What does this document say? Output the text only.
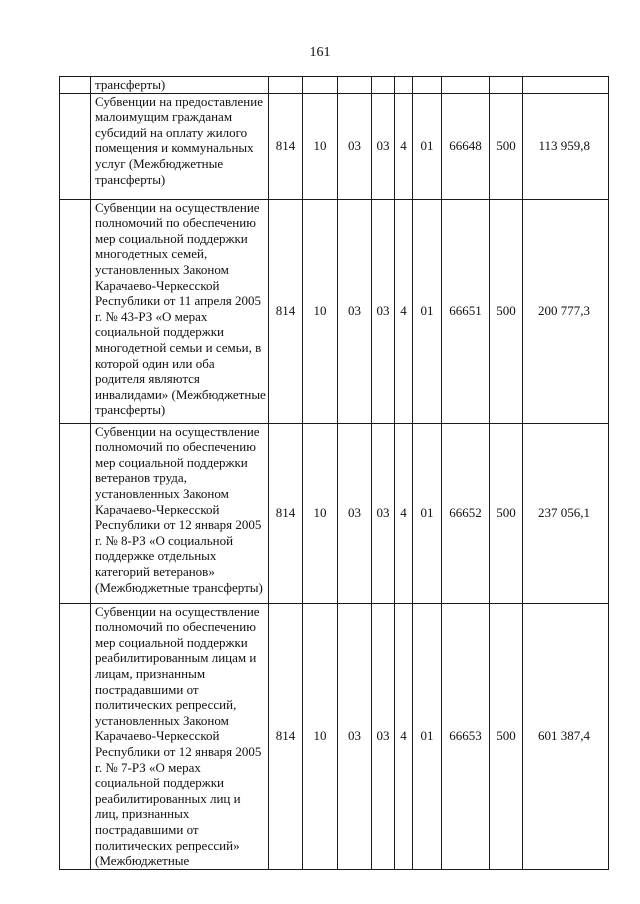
161
	трансферты)									
	Субвенции на предоставление малоимущим гражданам субсидий на оплату жилого помещения и коммунальных услуг (Межбюджетные трансферты)	814	10	03	03	4	01	66648	500	113 959,8
	Субвенции на осуществление полномочий по обеспечению мер социальной поддержки многодетных семей, установленных Законом Карачаево-Черкесской Республики от 11 апреля 2005 г. № 43-РЗ «О мерах социальной поддержки многодетной семьи и семьи, в которой один или оба родителя являются инвалидами» (Межбюджетные трансферты)	814	10	03	03	4	01	66651	500	200 777,3
	Субвенции на осуществление полномочий по обеспечению мер социальной поддержки ветеранов труда, установленных Законом Карачаево-Черкесской Республики от 12 января 2005 г. № 8-РЗ «О социальной поддержке отдельных категорий ветеранов» (Межбюджетные трансферты)	814	10	03	03	4	01	66652	500	237 056,1
	Субвенции на осуществление полномочий по обеспечению мер социальной поддержки реабилитированным лицам и лицам, признанным пострадавшими от политических репрессий, установленных Законом Карачаево-Черкесской Республики от 12 января 2005 г. № 7-РЗ «О мерах социальной поддержки реабилитированных лиц и лиц, признанных пострадавшими от политических репрессий» (Межбюджетные	814	10	03	03	4	01	66653	500	601 387,4
